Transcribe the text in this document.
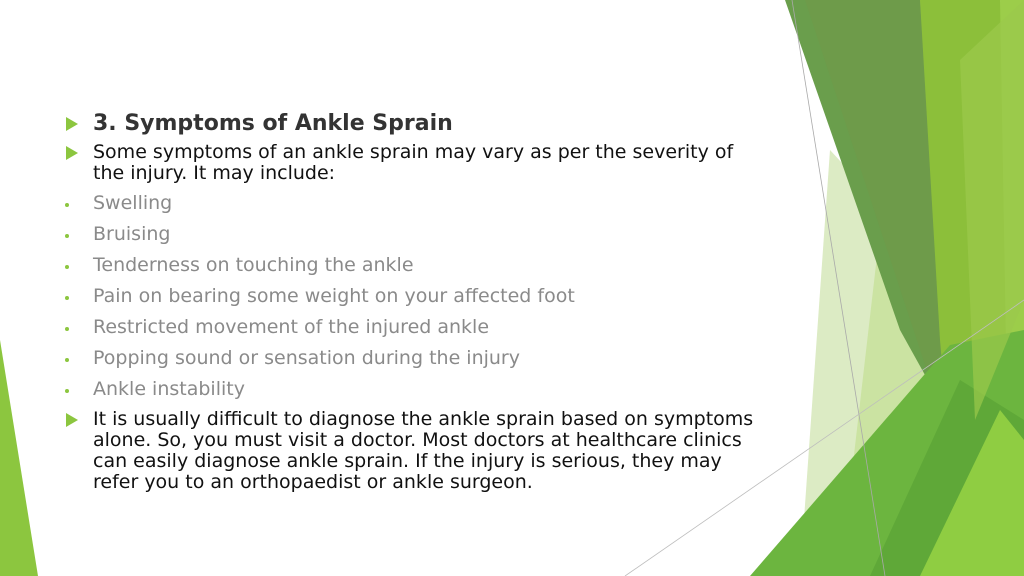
3. Symptoms of Ankle Sprain
Some symptoms of an ankle sprain may vary as per the severity of the injury. It may include:
Swelling
Bruising
Tenderness on touching the ankle
Pain on bearing some weight on your affected foot
Restricted movement of the injured ankle
Popping sound or sensation during the injury
Ankle instability
It is usually difficult to diagnose the ankle sprain based on symptoms alone. So, you must visit a doctor. Most doctors at healthcare clinics can easily diagnose ankle sprain. If the injury is serious, they may refer you to an orthopaedist or ankle surgeon.
